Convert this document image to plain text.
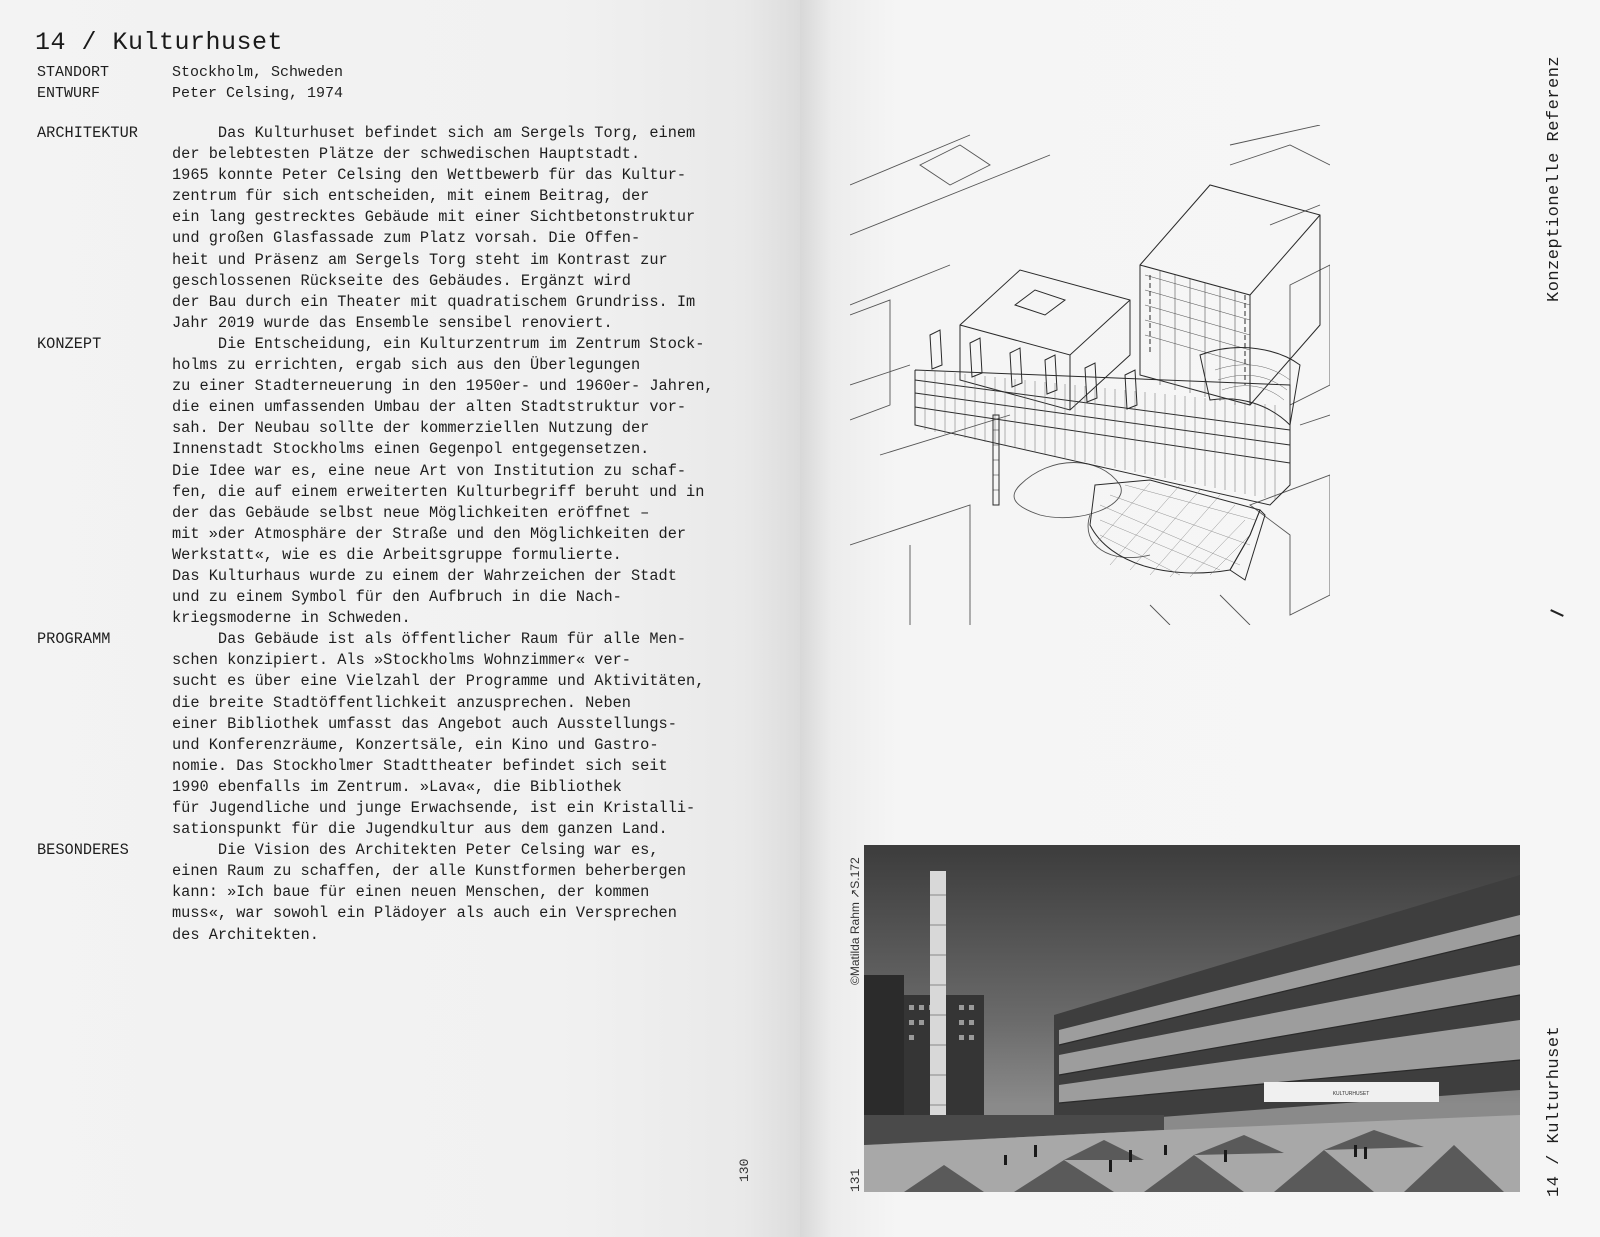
14 / Kulturhuset
STANDORT	Stockholm, Schweden
ENTWURF	Peter Celsing, 1974
ARCHITEKTUR	Das Kulturhuset befindet sich am Sergels Torg, einem
der belebtesten Plätze der schwedischen Hauptstadt.
1965 konnte Peter Celsing den Wettbewerb für das Kultur-
zentrum für sich entscheiden, mit einem Beitrag, der
ein lang gestrecktes Gebäude mit einer Sichtbetonstruktur
und großen Glasfassade zum Platz vorsah. Die Offen-
heit und Präsenz am Sergels Torg steht im Kontrast zur
geschlossenen Rückseite des Gebäudes. Ergänzt wird
der Bau durch ein Theater mit quadratischem Grundriss. Im
Jahr 2019 wurde das Ensemble sensibel renoviert.
KONZEPT	Die Entscheidung, ein Kulturzentrum im Zentrum Stock-
holms zu errichten, ergab sich aus den Überlegungen
zu einer Stadterneuerung in den 1950er- und 1960er- Jahren,
die einen umfassenden Umbau der alten Stadtstruktur vor-
sah. Der Neubau sollte der kommerziellen Nutzung der
Innenstadt Stockholms einen Gegenpol entgegensetzen.
Die Idee war es, eine neue Art von Institution zu schaf-
fen, die auf einem erweiterten Kulturbegriff beruht und in
der das Gebäude selbst neue Möglichkeiten eröffnet –
mit »der Atmosphäre der Straße und den Möglichkeiten der
Werkstatt«, wie es die Arbeitsgruppe formulierte.
Das Kulturhaus wurde zu einem der Wahrzeichen der Stadt
und zu einem Symbol für den Aufbruch in die Nach-
kriegsmoderne in Schweden.
PROGRAMM	Das Gebäude ist als öffentlicher Raum für alle Men-
schen konzipiert. Als »Stockholms Wohnzimmer« ver-
sucht es über eine Vielzahl der Programme und Aktivitäten,
die breite Stadtöffentlichkeit anzusprechen. Neben
einer Bibliothek umfasst das Angebot auch Ausstellungs-
und Konferenzräume, Konzertsäle, ein Kino und Gastro-
nomie. Das Stockholmer Stadttheater befindet sich seit
1990 ebenfalls im Zentrum. »Lava«, die Bibliothek
für Jugendliche und junge Erwachsende, ist ein Kristalli-
sationspunkt für die Jugendkultur aus dem ganzen Land.
BESONDERES	Die Vision des Architekten Peter Celsing war es,
einen Raum zu schaffen, der alle Kunstformen beherbergen
kann: »Ich baue für einen neuen Menschen, der kommen
muss«, war sowohl ein Plädoyer als auch ein Versprechen
des Architekten.
130
Konzeptionelle Referenz
©Matilda Rahm ↗S.172
KULTURHUSET
131	14 / Kulturhuset
